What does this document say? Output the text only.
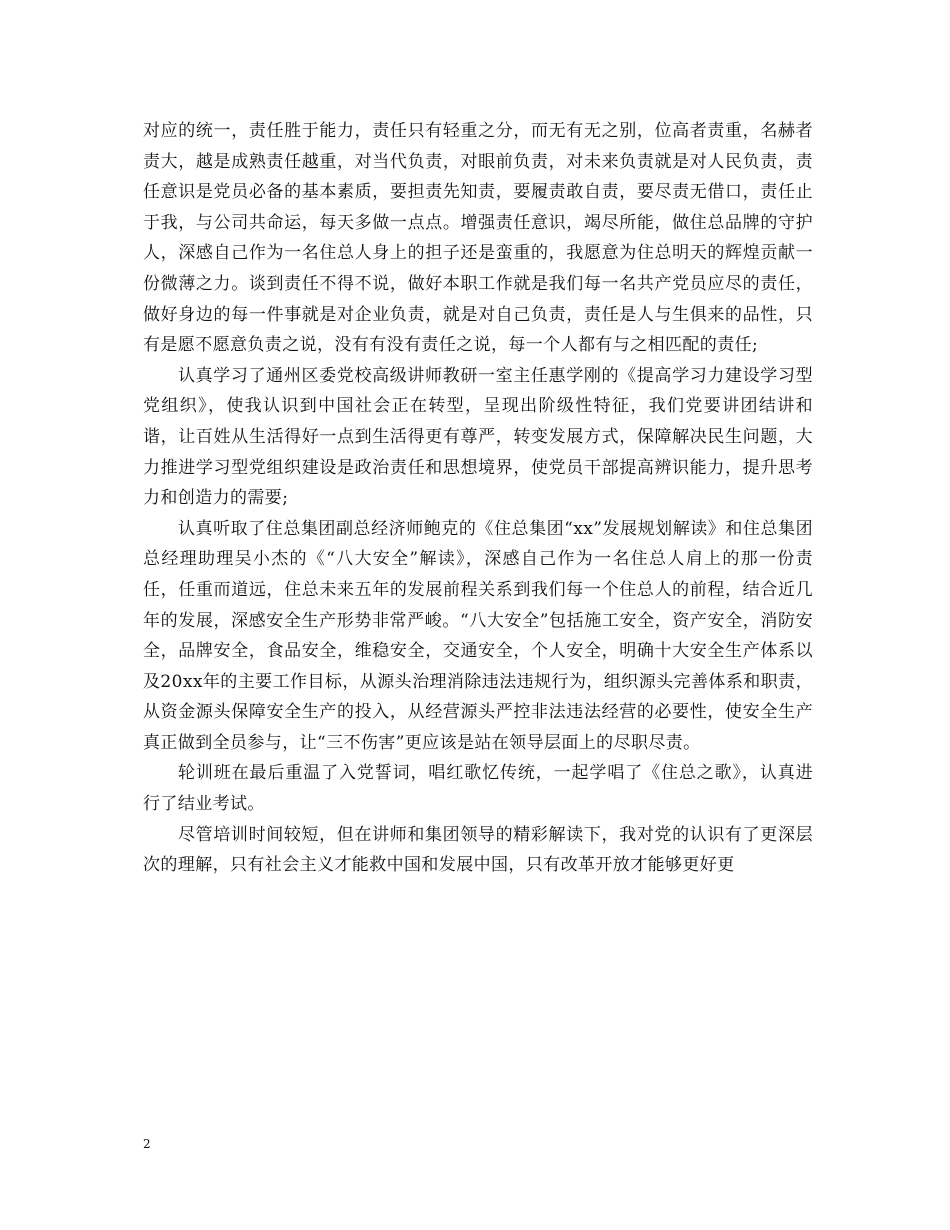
对应的统一，责任胜于能力，责任只有轻重之分，而无有无之别，位高者责重，名赫者责大，越是成熟责任越重，对当代负责，对眼前负责，对未来负责就是对人民负责，责任意识是党员必备的基本素质，要担责先知责，要履责敢自责，要尽责无借口，责任止于我，与公司共命运，每天多做一点点。增强责任意识，竭尽所能，做住总品牌的守护人，深感自己作为一名住总人身上的担子还是蛮重的，我愿意为住总明天的辉煌贡献一份微薄之力。谈到责任不得不说，做好本职工作就是我们每一名共产党员应尽的责任，做好身边的每一件事就是对企业负责，就是对自己负责，责任是人与生俱来的品性，只有是愿不愿意负责之说，没有有没有责任之说，每一个人都有与之相匹配的责任;

认真学习了通州区委党校高级讲师教研一室主任惠学刚的《提高学习力建设学习型党组织》，使我认识到中国社会正在转型，呈现出阶级性特征，我们党要讲团结讲和谐，让百姓从生活得好一点到生活得更有尊严，转变发展方式，保障解决民生问题，大力推进学习型党组织建设是政治责任和思想境界，使党员干部提高辨识能力，提升思考力和创造力的需要;

认真听取了住总集团副总经济师鲍克的《住总集团“xx”发展规划解读》和住总集团总经理助理吴小杰的《“八大安全”解读》，深感自己作为一名住总人肩上的那一份责任，任重而道远，住总未来五年的发展前程关系到我们每一个住总人的前程，结合近几年的发展，深感安全生产形势非常严峻。“八大安全”包括施工安全，资产安全，消防安全，品牌安全，食品安全，维稳安全，交通安全，个人安全，明确十大安全生产体系以及20xx年的主要工作目标，从源头治理消除违法违规行为，组织源头完善体系和职责，从资金源头保障安全生产的投入，从经营源头严控非法违法经营的必要性，使安全生产真正做到全员参与，让“三不伤害”更应该是站在领导层面上的尽职尽责。

轮训班在最后重温了入党誓词，唱红歌忆传统，一起学唱了《住总之歌》，认真进行了结业考试。

尽管培训时间较短，但在讲师和集团领导的精彩解读下，我对党的认识有了更深层次的理解，只有社会主义才能救中国和发展中国，只有改革开放才能够更好更

2
